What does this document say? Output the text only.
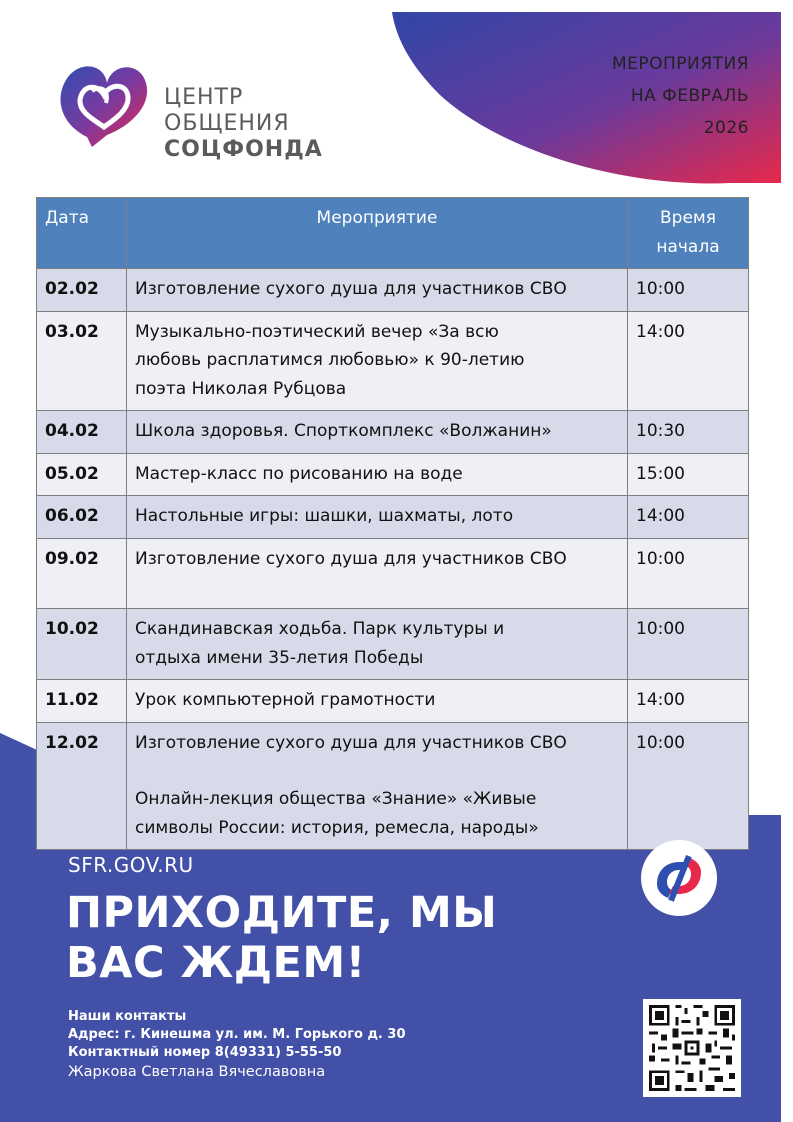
ЦЕНТР
ОБЩЕНИЯ
СОЦФОНДА
МЕРОПРИЯТИЯ
НА ФЕВРАЛЬ
2026
Дата	Мероприятие	Время
начала

02.02	Изготовление сухого душа для участников СВО	10:00
03.02	Музыкально-поэтический вечер «За всю
любовь расплатимся любовью» к 90-летию
поэта Николая Рубцова	14:00
04.02	Школа здоровья. Спорткомплекс «Волжанин»	10:30
05.02	Мастер-класс по рисованию на воде	15:00
06.02	Настольные игры: шашки, шахматы, лото	14:00
09.02	Изготовление сухого душа для участников СВО	10:00
10.02	Скандинавская ходьба. Парк культуры и
отдыха имени 35-летия Победы	10:00
11.02	Урок компьютерной грамотности	14:00
12.02	Изготовление сухого душа для участников СВО
Онлайн-лекция общества «Знание» «Живые
символы России: история, ремесла, народы»	10:00
SFR.GOV.RU
ПРИХОДИТЕ, МЫ
ВАС ЖДЕМ!
Наши контакты
Адрес: г. Кинешма ул. им. М. Горького д. 30
Контактный номер 8(49331) 5-55-50
Жаркова Светлана Вячеславовна
